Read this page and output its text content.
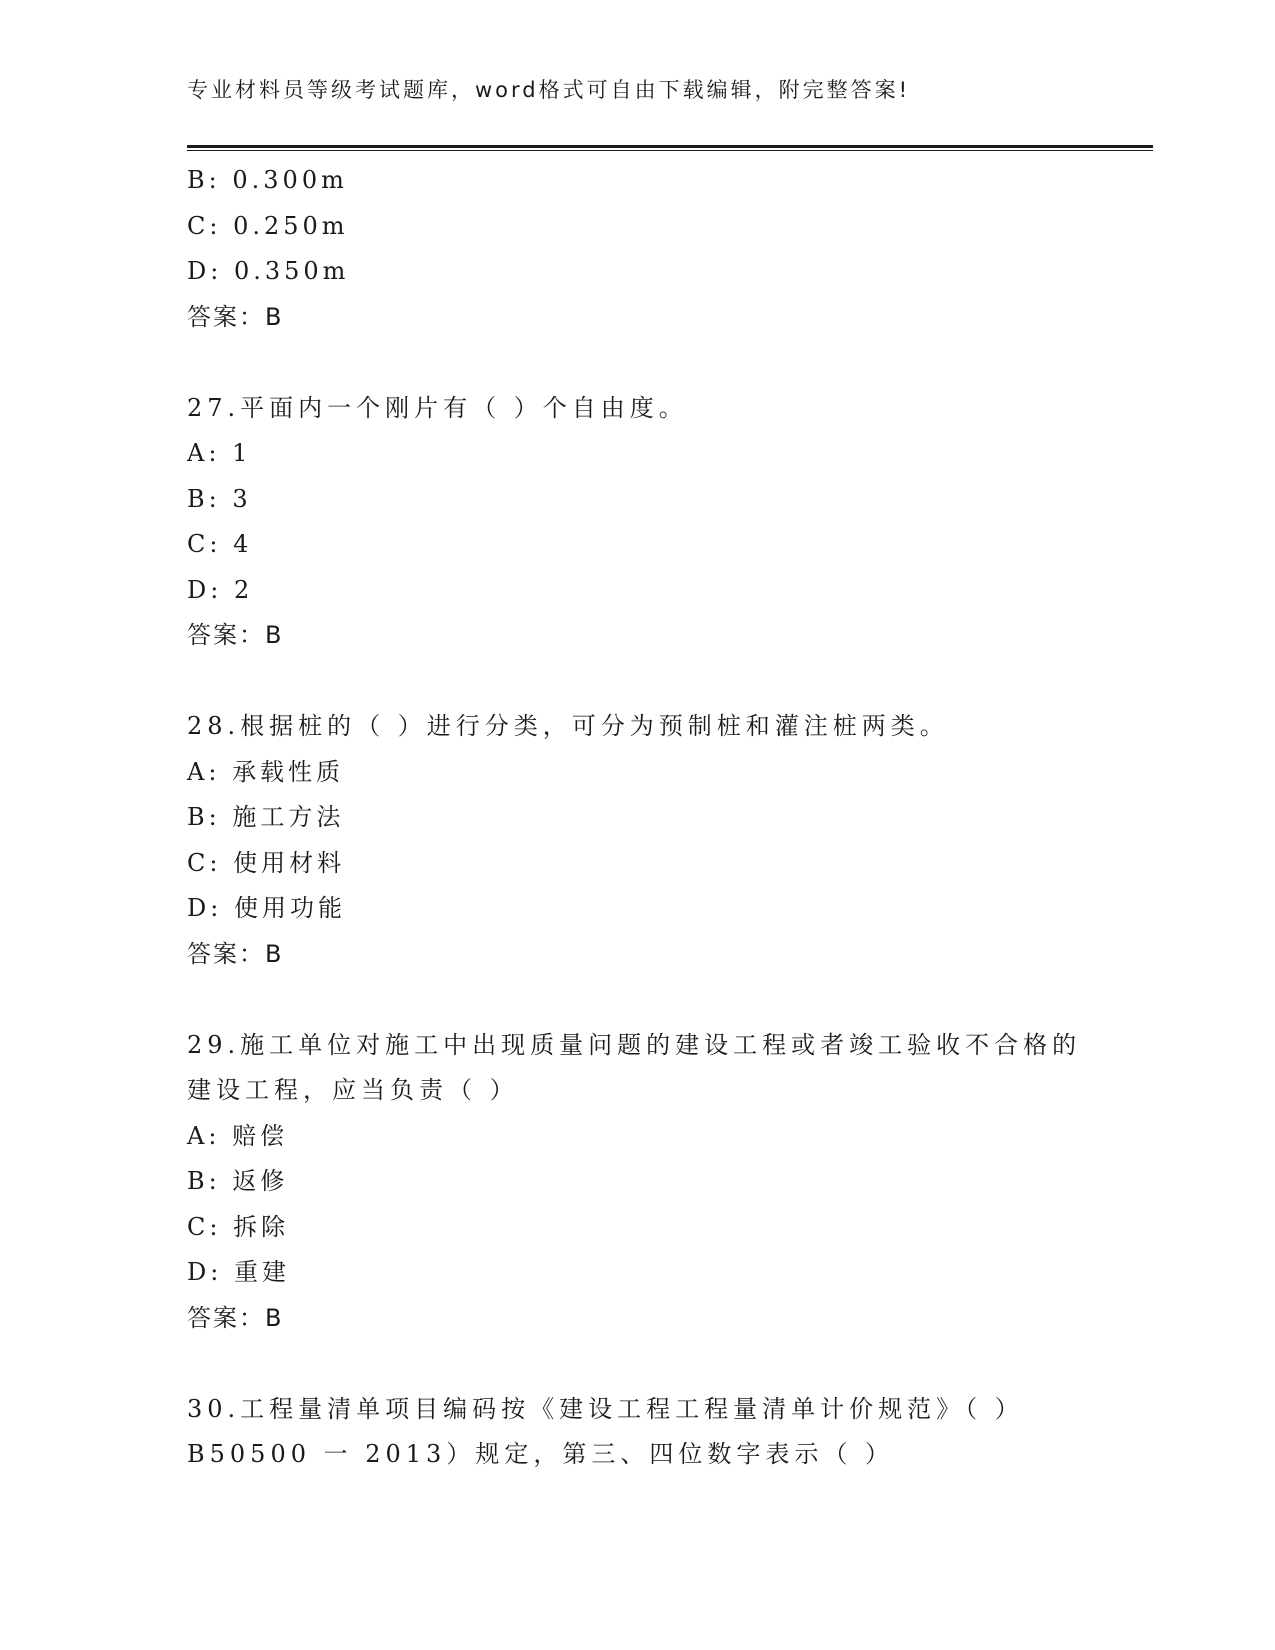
专业材料员等级考试题库，word格式可自由下载编辑，附完整答案!
B: 0.300m
C: 0.250m
D: 0.350m
答案：B
27.平面内一个刚片有（ ）个自由度。
A: 1
B: 3
C: 4
D: 2
答案：B
28.根据桩的（ ）进行分类，可分为预制桩和灌注桩两类。
A: 承载性质
B: 施工方法
C: 使用材料
D: 使用功能
答案：B
29.施工单位对施工中出现质量问题的建设工程或者竣工验收不合格的
建设工程，应当负责（ ）
A: 赔偿
B: 返修
C: 拆除
D: 重建
答案：B
30.工程量清单项目编码按《建设工程工程量清单计价规范》（ ）
B50500 一 2013）规定，第三、四位数字表示（ ）
